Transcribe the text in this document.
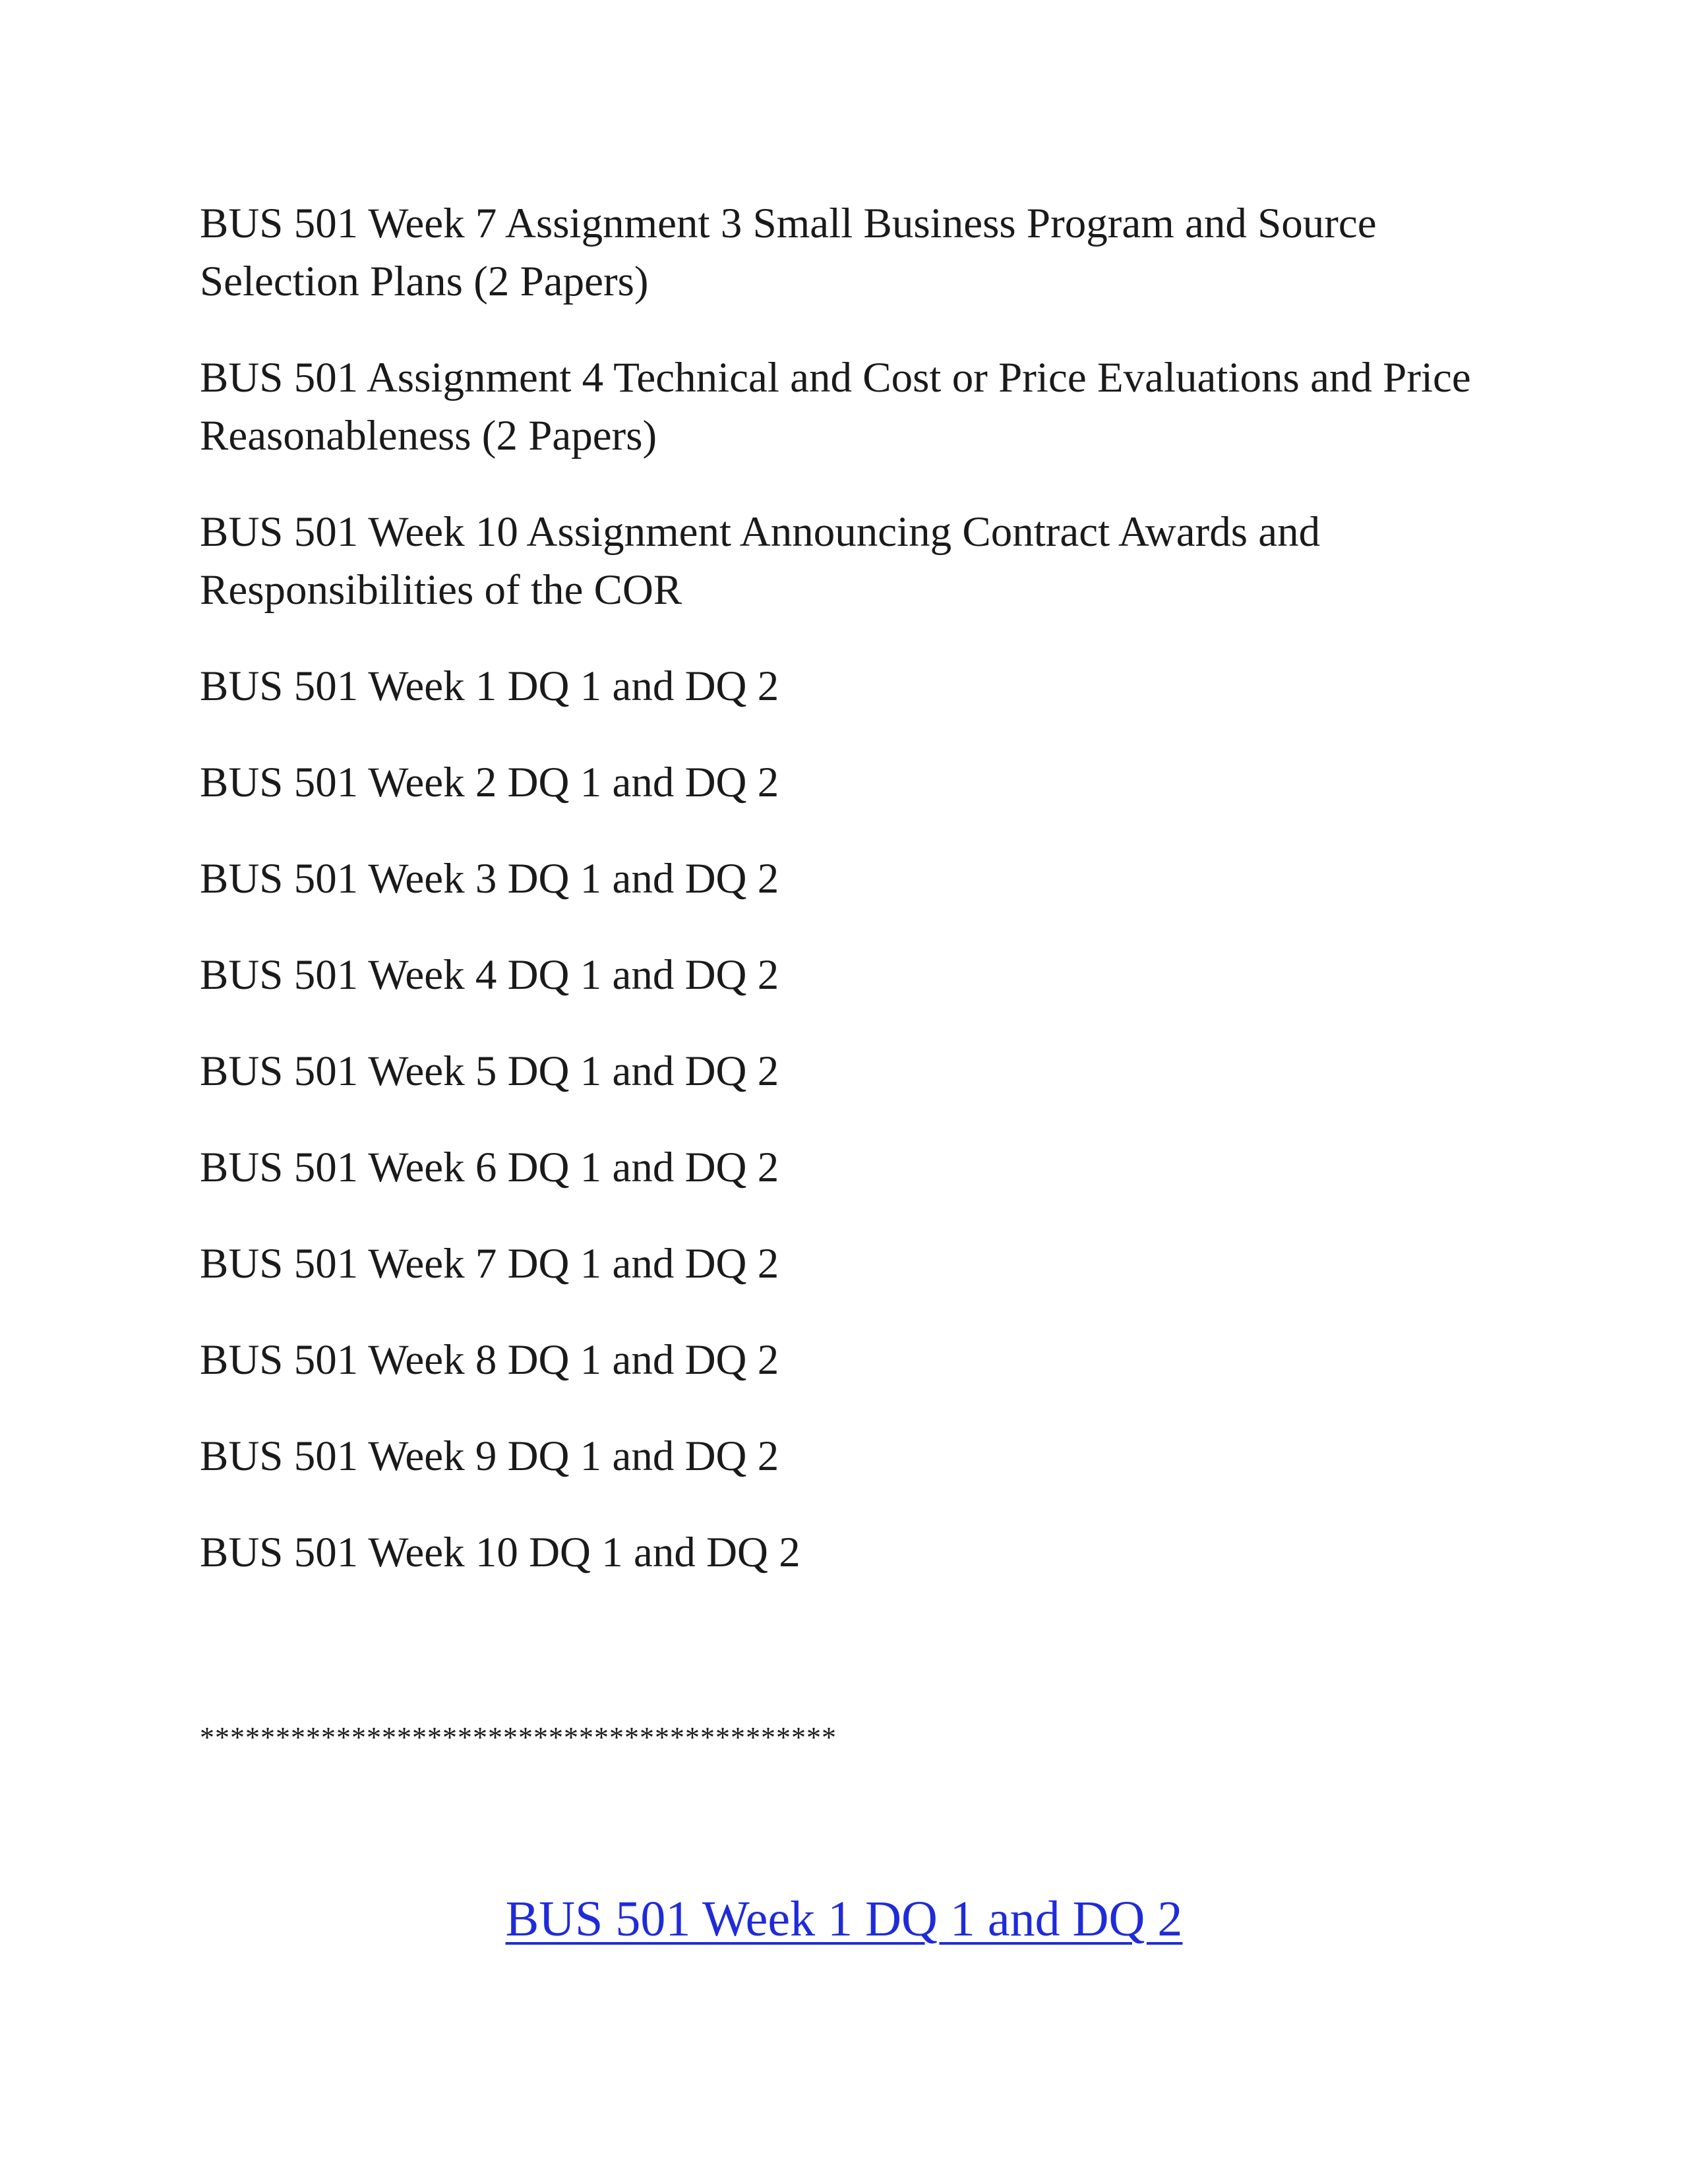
BUS 501 Week 7 Assignment 3 Small Business Program and Source Selection Plans (2 Papers)

BUS 501 Assignment 4 Technical and Cost or Price Evaluations and Price Reasonableness (2 Papers)

BUS 501 Week 10 Assignment Announcing Contract Awards and Responsibilities of the COR

BUS 501 Week 1 DQ 1 and DQ 2

BUS 501 Week 2 DQ 1 and DQ 2

BUS 501 Week 3 DQ 1 and DQ 2

BUS 501 Week 4 DQ 1 and DQ 2

BUS 501 Week 5 DQ 1 and DQ 2

BUS 501 Week 6 DQ 1 and DQ 2

BUS 501 Week 7 DQ 1 and DQ 2

BUS 501 Week 8 DQ 1 and DQ 2

BUS 501 Week 9 DQ 1 and DQ 2

BUS 501 Week 10 DQ 1 and DQ 2

******************************************
BUS 501 Week 1 DQ 1 and DQ 2
